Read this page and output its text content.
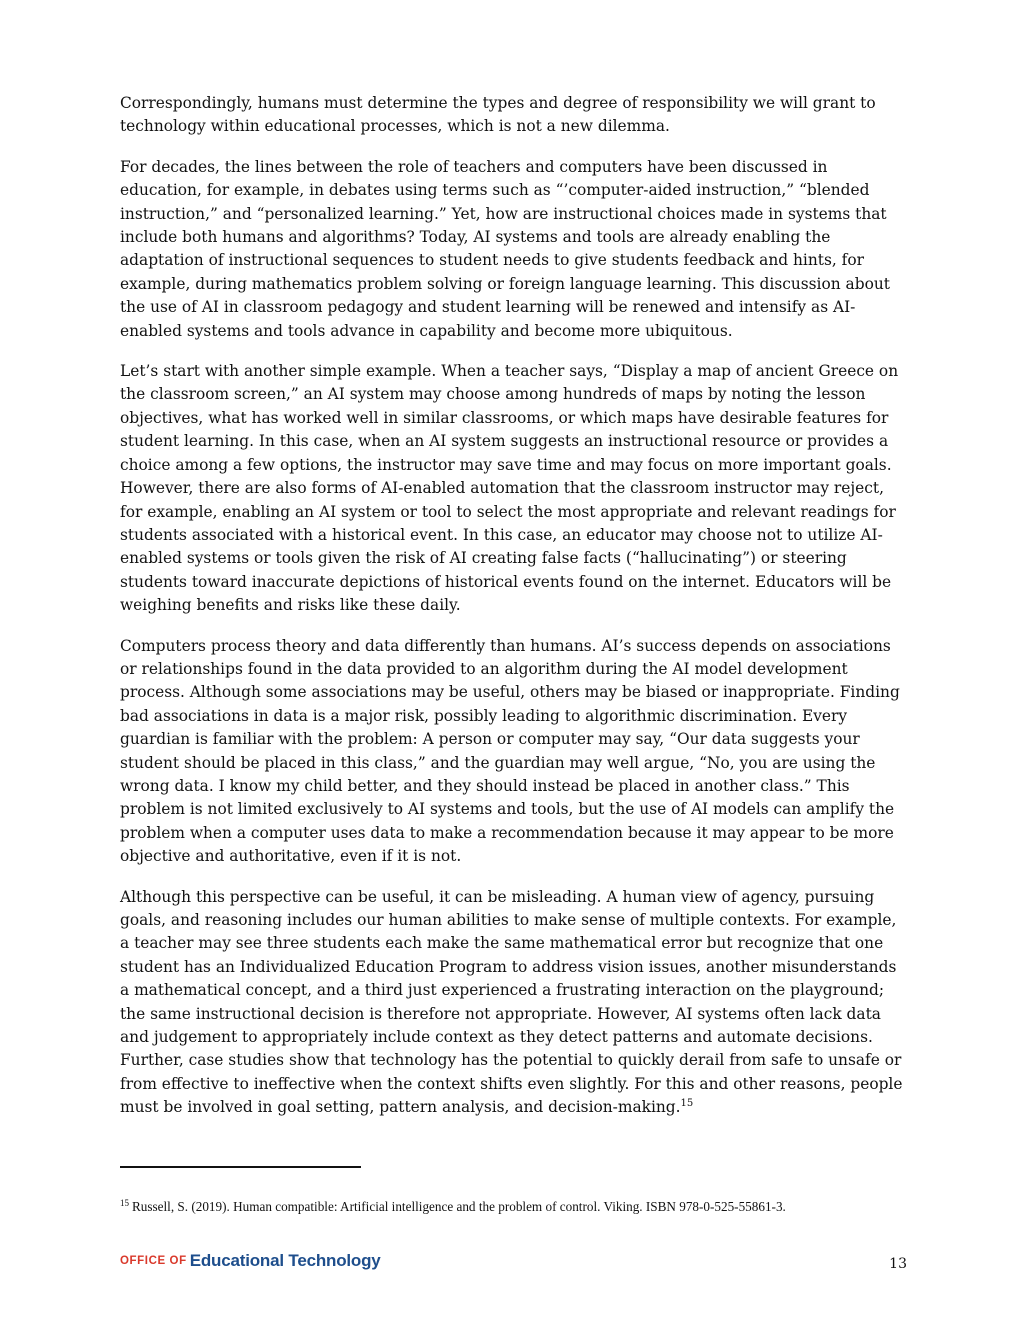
Correspondingly, humans must determine the types and degree of responsibility we will grant to technology within educational processes, which is not a new dilemma.

For decades, the lines between the role of teachers and computers have been discussed in education, for example, in debates using terms such as “’computer-aided instruction,” “blended instruction,” and “personalized learning.” Yet, how are instructional choices made in systems that include both humans and algorithms? Today, AI systems and tools are already enabling the adaptation of instructional sequences to student needs to give students feedback and hints, for example, during mathematics problem solving or foreign language learning. This discussion about the use of AI in classroom pedagogy and student learning will be renewed and intensify as AI-enabled systems and tools advance in capability and become more ubiquitous.

Let’s start with another simple example. When a teacher says, “Display a map of ancient Greece on the classroom screen,” an AI system may choose among hundreds of maps by noting the lesson objectives, what has worked well in similar classrooms, or which maps have desirable features for student learning. In this case, when an AI system suggests an instructional resource or provides a choice among a few options, the instructor may save time and may focus on more important goals. However, there are also forms of AI-enabled automation that the classroom instructor may reject, for example, enabling an AI system or tool to select the most appropriate and relevant readings for students associated with a historical event. In this case, an educator may choose not to utilize AI-enabled systems or tools given the risk of AI creating false facts (“hallucinating”) or steering students toward inaccurate depictions of historical events found on the internet. Educators will be weighing benefits and risks like these daily.

Computers process theory and data differently than humans. AI’s success depends on associations or relationships found in the data provided to an algorithm during the AI model development process. Although some associations may be useful, others may be biased or inappropriate. Finding bad associations in data is a major risk, possibly leading to algorithmic discrimination. Every guardian is familiar with the problem: A person or computer may say, “Our data suggests your student should be placed in this class,” and the guardian may well argue, “No, you are using the wrong data. I know my child better, and they should instead be placed in another class.” This problem is not limited exclusively to AI systems and tools, but the use of AI models can amplify the problem when a computer uses data to make a recommendation because it may appear to be more objective and authoritative, even if it is not.

Although this perspective can be useful, it can be misleading. A human view of agency, pursuing goals, and reasoning includes our human abilities to make sense of multiple contexts. For example, a teacher may see three students each make the same mathematical error but recognize that one student has an Individualized Education Program to address vision issues, another misunderstands a mathematical concept, and a third just experienced a frustrating interaction on the playground; the same instructional decision is therefore not appropriate. However, AI systems often lack data and judgement to appropriately include context as they detect patterns and automate decisions. Further, case studies show that technology has the potential to quickly derail from safe to unsafe or from effective to ineffective when the context shifts even slightly. For this and other reasons, people must be involved in goal setting, pattern analysis, and decision-making.$^{15}$

$^{15}$ Russell, S. (2019). Human compatible: Artificial intelligence and the problem of control. Viking. ISBN 978-0-525-55861-3.
OFFICE OF Educational Technology	13
